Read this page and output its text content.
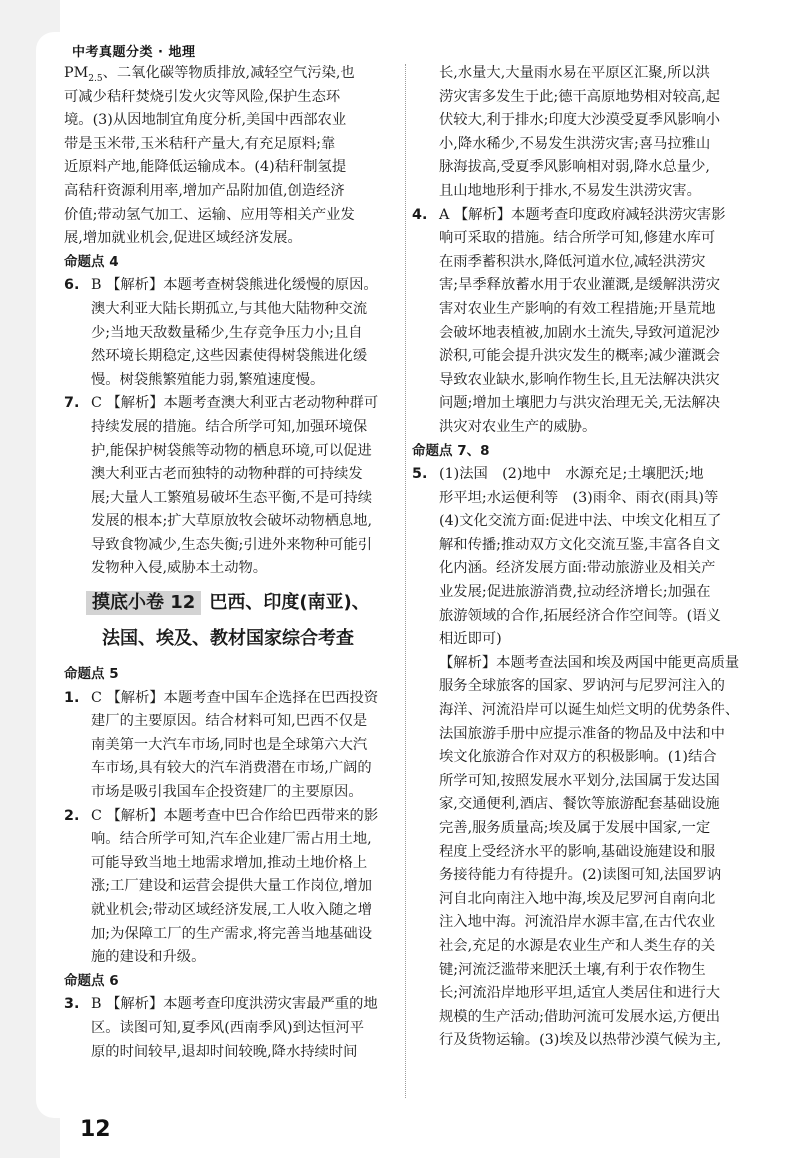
中考真题分类 · 地理
$PM_{2.5}$、二氧化碳等物质排放,减轻空气污染,也
可减少秸秆焚烧引发火灾等风险,保护生态环
境。(3)从因地制宜角度分析,美国中西部农业
带是玉米带,玉米秸秆产量大,有充足原料;靠
近原料产地,能降低运输成本。(4)秸秆制氢提
高秸秆资源利用率,增加产品附加值,创造经济
价值;带动氢气加工、运输、应用等相关产业发
展,增加就业机会,促进区域经济发展。
命题点 4
6. B 【解析】本题考查树袋熊进化缓慢的原因。
澳大利亚大陆长期孤立,与其他大陆物种交流
少;当地天敌数量稀少,生存竞争压力小;且自
然环境长期稳定,这些因素使得树袋熊进化缓
慢。树袋熊繁殖能力弱,繁殖速度慢。
7. C 【解析】本题考查澳大利亚古老动物种群可
持续发展的措施。结合所学可知,加强环境保
护,能保护树袋熊等动物的栖息环境,可以促进
澳大利亚古老而独特的动物种群的可持续发
展;大量人工繁殖易破坏生态平衡,不是可持续
发展的根本;扩大草原放牧会破坏动物栖息地,
导致食物减少,生态失衡;引进外来物种可能引
发物种入侵,威胁本土动物。
摸底小卷 12 巴西、印度(南亚)、
法国、埃及、教材国家综合考查
命题点 5
1. C 【解析】本题考查中国车企选择在巴西投资
建厂的主要原因。结合材料可知,巴西不仅是
南美第一大汽车市场,同时也是全球第六大汽
车市场,具有较大的汽车消费潜在市场,广阔的
市场是吸引我国车企投资建厂的主要原因。
2. C 【解析】本题考查中巴合作给巴西带来的影
响。结合所学可知,汽车企业建厂需占用土地,
可能导致当地土地需求增加,推动土地价格上
涨;工厂建设和运营会提供大量工作岗位,增加
就业机会;带动区域经济发展,工人收入随之增
加;为保障工厂的生产需求,将完善当地基础设
施的建设和升级。
命题点 6
3. B 【解析】本题考查印度洪涝灾害最严重的地
区。读图可知,夏季风(西南季风)到达恒河平
原的时间较早,退却时间较晚,降水持续时间
长,水量大,大量雨水易在平原区汇聚,所以洪
涝灾害多发生于此;德干高原地势相对较高,起
伏较大,利于排水;印度大沙漠受夏季风影响小
小,降水稀少,不易发生洪涝灾害;喜马拉雅山
脉海拔高,受夏季风影响相对弱,降水总量少,
且山地地形利于排水,不易发生洪涝灾害。
4. A 【解析】本题考查印度政府减轻洪涝灾害影
响可采取的措施。结合所学可知,修建水库可
在雨季蓄积洪水,降低河道水位,减轻洪涝灾
害;旱季释放蓄水用于农业灌溉,是缓解洪涝灾
害对农业生产影响的有效工程措施;开垦荒地
会破坏地表植被,加剧水土流失,导致河道泥沙
淤积,可能会提升洪灾发生的概率;减少灌溉会
导致农业缺水,影响作物生长,且无法解决洪灾
问题;增加土壤肥力与洪灾治理无关,无法解决
洪灾对农业生产的威胁。
命题点 7、8
5. (1)法国　(2)地中　水源充足;土壤肥沃;地
形平坦;水运便利等　(3)雨伞、雨衣(雨具)等
(4)文化交流方面:促进中法、中埃文化相互了
解和传播;推动双方文化交流互鉴,丰富各自文
化内涵。经济发展方面:带动旅游业及相关产
业发展;促进旅游消费,拉动经济增长;加强在
旅游领域的合作,拓展经济合作空间等。(语义
相近即可)
【解析】本题考查法国和埃及两国中能更高质量
服务全球旅客的国家、罗讷河与尼罗河注入的
海洋、河流沿岸可以诞生灿烂文明的优势条件、
法国旅游手册中应提示准备的物品及中法和中
埃文化旅游合作对双方的积极影响。(1)结合
所学可知,按照发展水平划分,法国属于发达国
家,交通便利,酒店、餐饮等旅游配套基础设施
完善,服务质量高;埃及属于发展中国家,一定
程度上受经济水平的影响,基础设施建设和服
务接待能力有待提升。(2)读图可知,法国罗讷
河自北向南注入地中海,埃及尼罗河自南向北
注入地中海。河流沿岸水源丰富,在古代农业
社会,充足的水源是农业生产和人类生存的关
键;河流泛滥带来肥沃土壤,有利于农作物生
长;河流沿岸地形平坦,适宜人类居住和进行大
规模的生产活动;借助河流可发展水运,方便出
行及货物运输。(3)埃及以热带沙漠气候为主,
12
